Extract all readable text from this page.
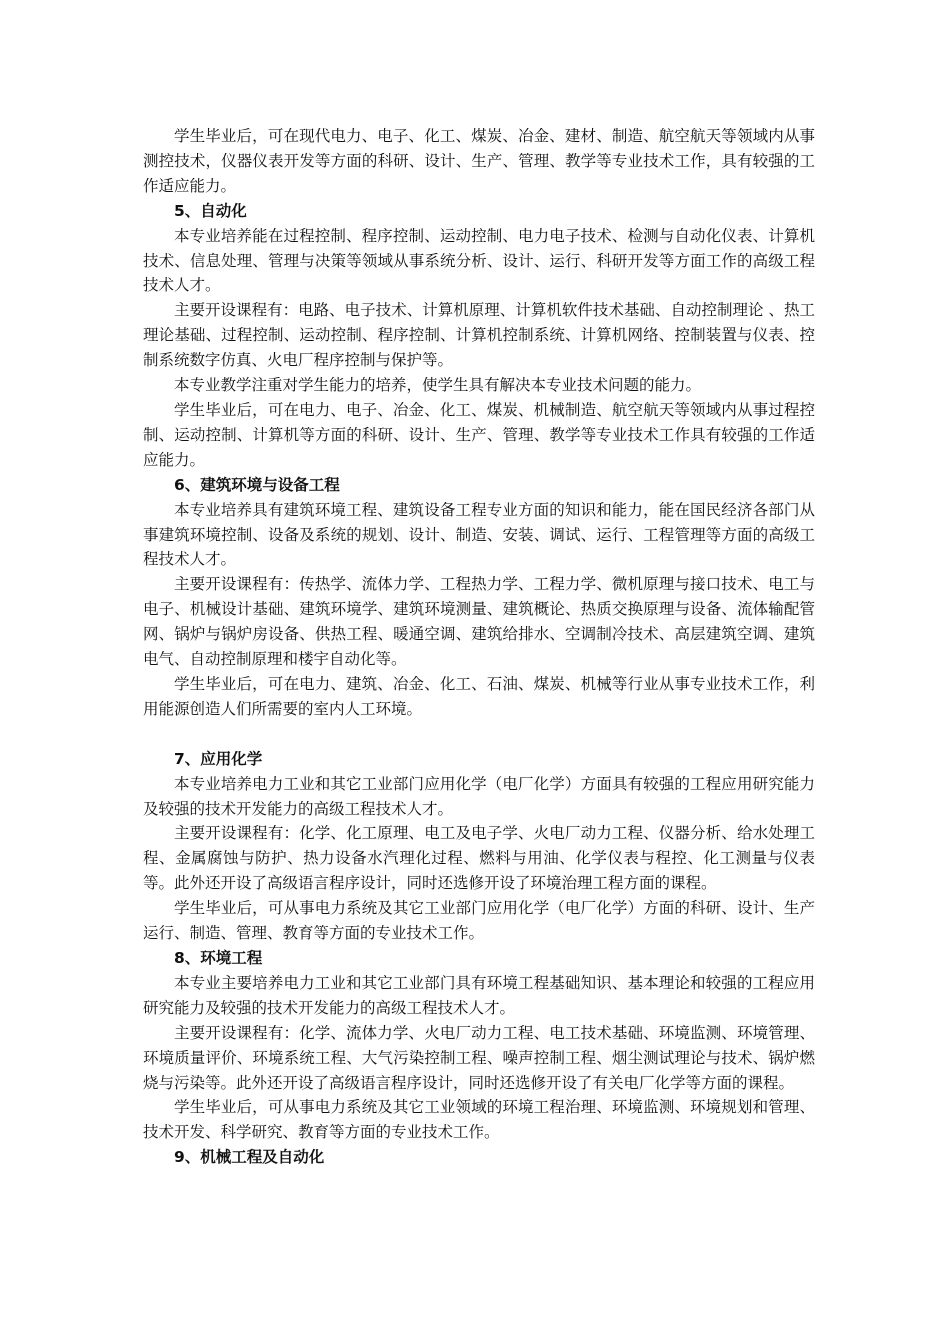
学生毕业后，可在现代电力、电子、化工、煤炭、冶金、建材、制造、航空航天等领域内从事测控技术，仪器仪表开发等方面的科研、设计、生产、管理、教学等专业技术工作，具有较强的工作适应能力。

5、自动化

本专业培养能在过程控制、程序控制、运动控制、电力电子技术、检测与自动化仪表、计算机技术、信息处理、管理与决策等领域从事系统分析、设计、运行、科研开发等方面工作的高级工程技术人才。

主要开设课程有：电路、电子技术、计算机原理、计算机软件技术基础、自动控制理论 、热工理论基础、过程控制、运动控制、程序控制、计算机控制系统、计算机网络、控制装置与仪表、控制系统数字仿真、火电厂程序控制与保护等。

本专业教学注重对学生能力的培养，使学生具有解决本专业技术问题的能力。

学生毕业后，可在电力、电子、冶金、化工、煤炭、机械制造、航空航天等领域内从事过程控制、运动控制、计算机等方面的科研、设计、生产、管理、教学等专业技术工作具有较强的工作适应能力。

6、建筑环境与设备工程

本专业培养具有建筑环境工程、建筑设备工程专业方面的知识和能力，能在国民经济各部门从事建筑环境控制、设备及系统的规划、设计、制造、安装、调试、运行、工程管理等方面的高级工程技术人才。

主要开设课程有：传热学、流体力学、工程热力学、工程力学、微机原理与接口技术、电工与电子、机械设计基础、建筑环境学、建筑环境测量、建筑概论、热质交换原理与设备、流体输配管网、锅炉与锅炉房设备、供热工程、暖通空调、建筑给排水、空调制冷技术、高层建筑空调、建筑电气、自动控制原理和楼宇自动化等。

学生毕业后，可在电力、建筑、冶金、化工、石油、煤炭、机械等行业从事专业技术工作，利用能源创造人们所需要的室内人工环境。

7、应用化学

本专业培养电力工业和其它工业部门应用化学（电厂化学）方面具有较强的工程应用研究能力及较强的技术开发能力的高级工程技术人才。

主要开设课程有：化学、化工原理、电工及电子学、火电厂动力工程、仪器分析、给水处理工程、金属腐蚀与防护、热力设备水汽理化过程、燃料与用油、化学仪表与程控、化工测量与仪表等。此外还开设了高级语言程序设计，同时还选修开设了环境治理工程方面的课程。

学生毕业后，可从事电力系统及其它工业部门应用化学（电厂化学）方面的科研、设计、生产运行、制造、管理、教育等方面的专业技术工作。

8、环境工程

本专业主要培养电力工业和其它工业部门具有环境工程基础知识、基本理论和较强的工程应用研究能力及较强的技术开发能力的高级工程技术人才。

主要开设课程有：化学、流体力学、火电厂动力工程、电工技术基础、环境监测、环境管理、环境质量评价、环境系统工程、大气污染控制工程、噪声控制工程、烟尘测试理论与技术、锅炉燃烧与污染等。此外还开设了高级语言程序设计，同时还选修开设了有关电厂化学等方面的课程。

学生毕业后，可从事电力系统及其它工业领域的环境工程治理、环境监测、环境规划和管理、技术开发、科学研究、教育等方面的专业技术工作。

9、机械工程及自动化
